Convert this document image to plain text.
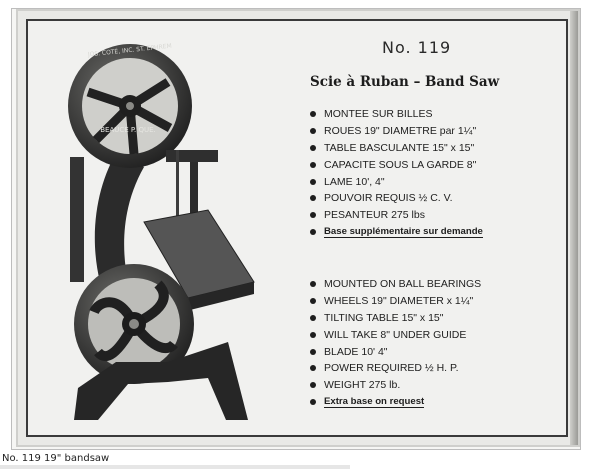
JOS. COTÉ, INC. ST. EPHREM
BEAUCE P. QUE.

No. 119

Scie à Ruban – Band Saw

MONTEE SUR BILLES
ROUES 19" DIAMETRE par 1¼"
TABLE BASCULANTE 15" x 15"
CAPACITE SOUS LA GARDE 8"
LAME 10', 4"
POUVOIR REQUIS ½ C. V.
PESANTEUR 275 lbs
Base supplémentaire sur demande
MOUNTED ON BALL BEARINGS
WHEELS 19" DIAMETER x 1¼"
TILTING TABLE 15" x 15"
WILL TAKE 8" UNDER GUIDE
BLADE 10' 4"
POWER REQUIRED ½ H. P.
WEIGHT 275 lb.
Extra base on request

No. 119 19" bandsaw
